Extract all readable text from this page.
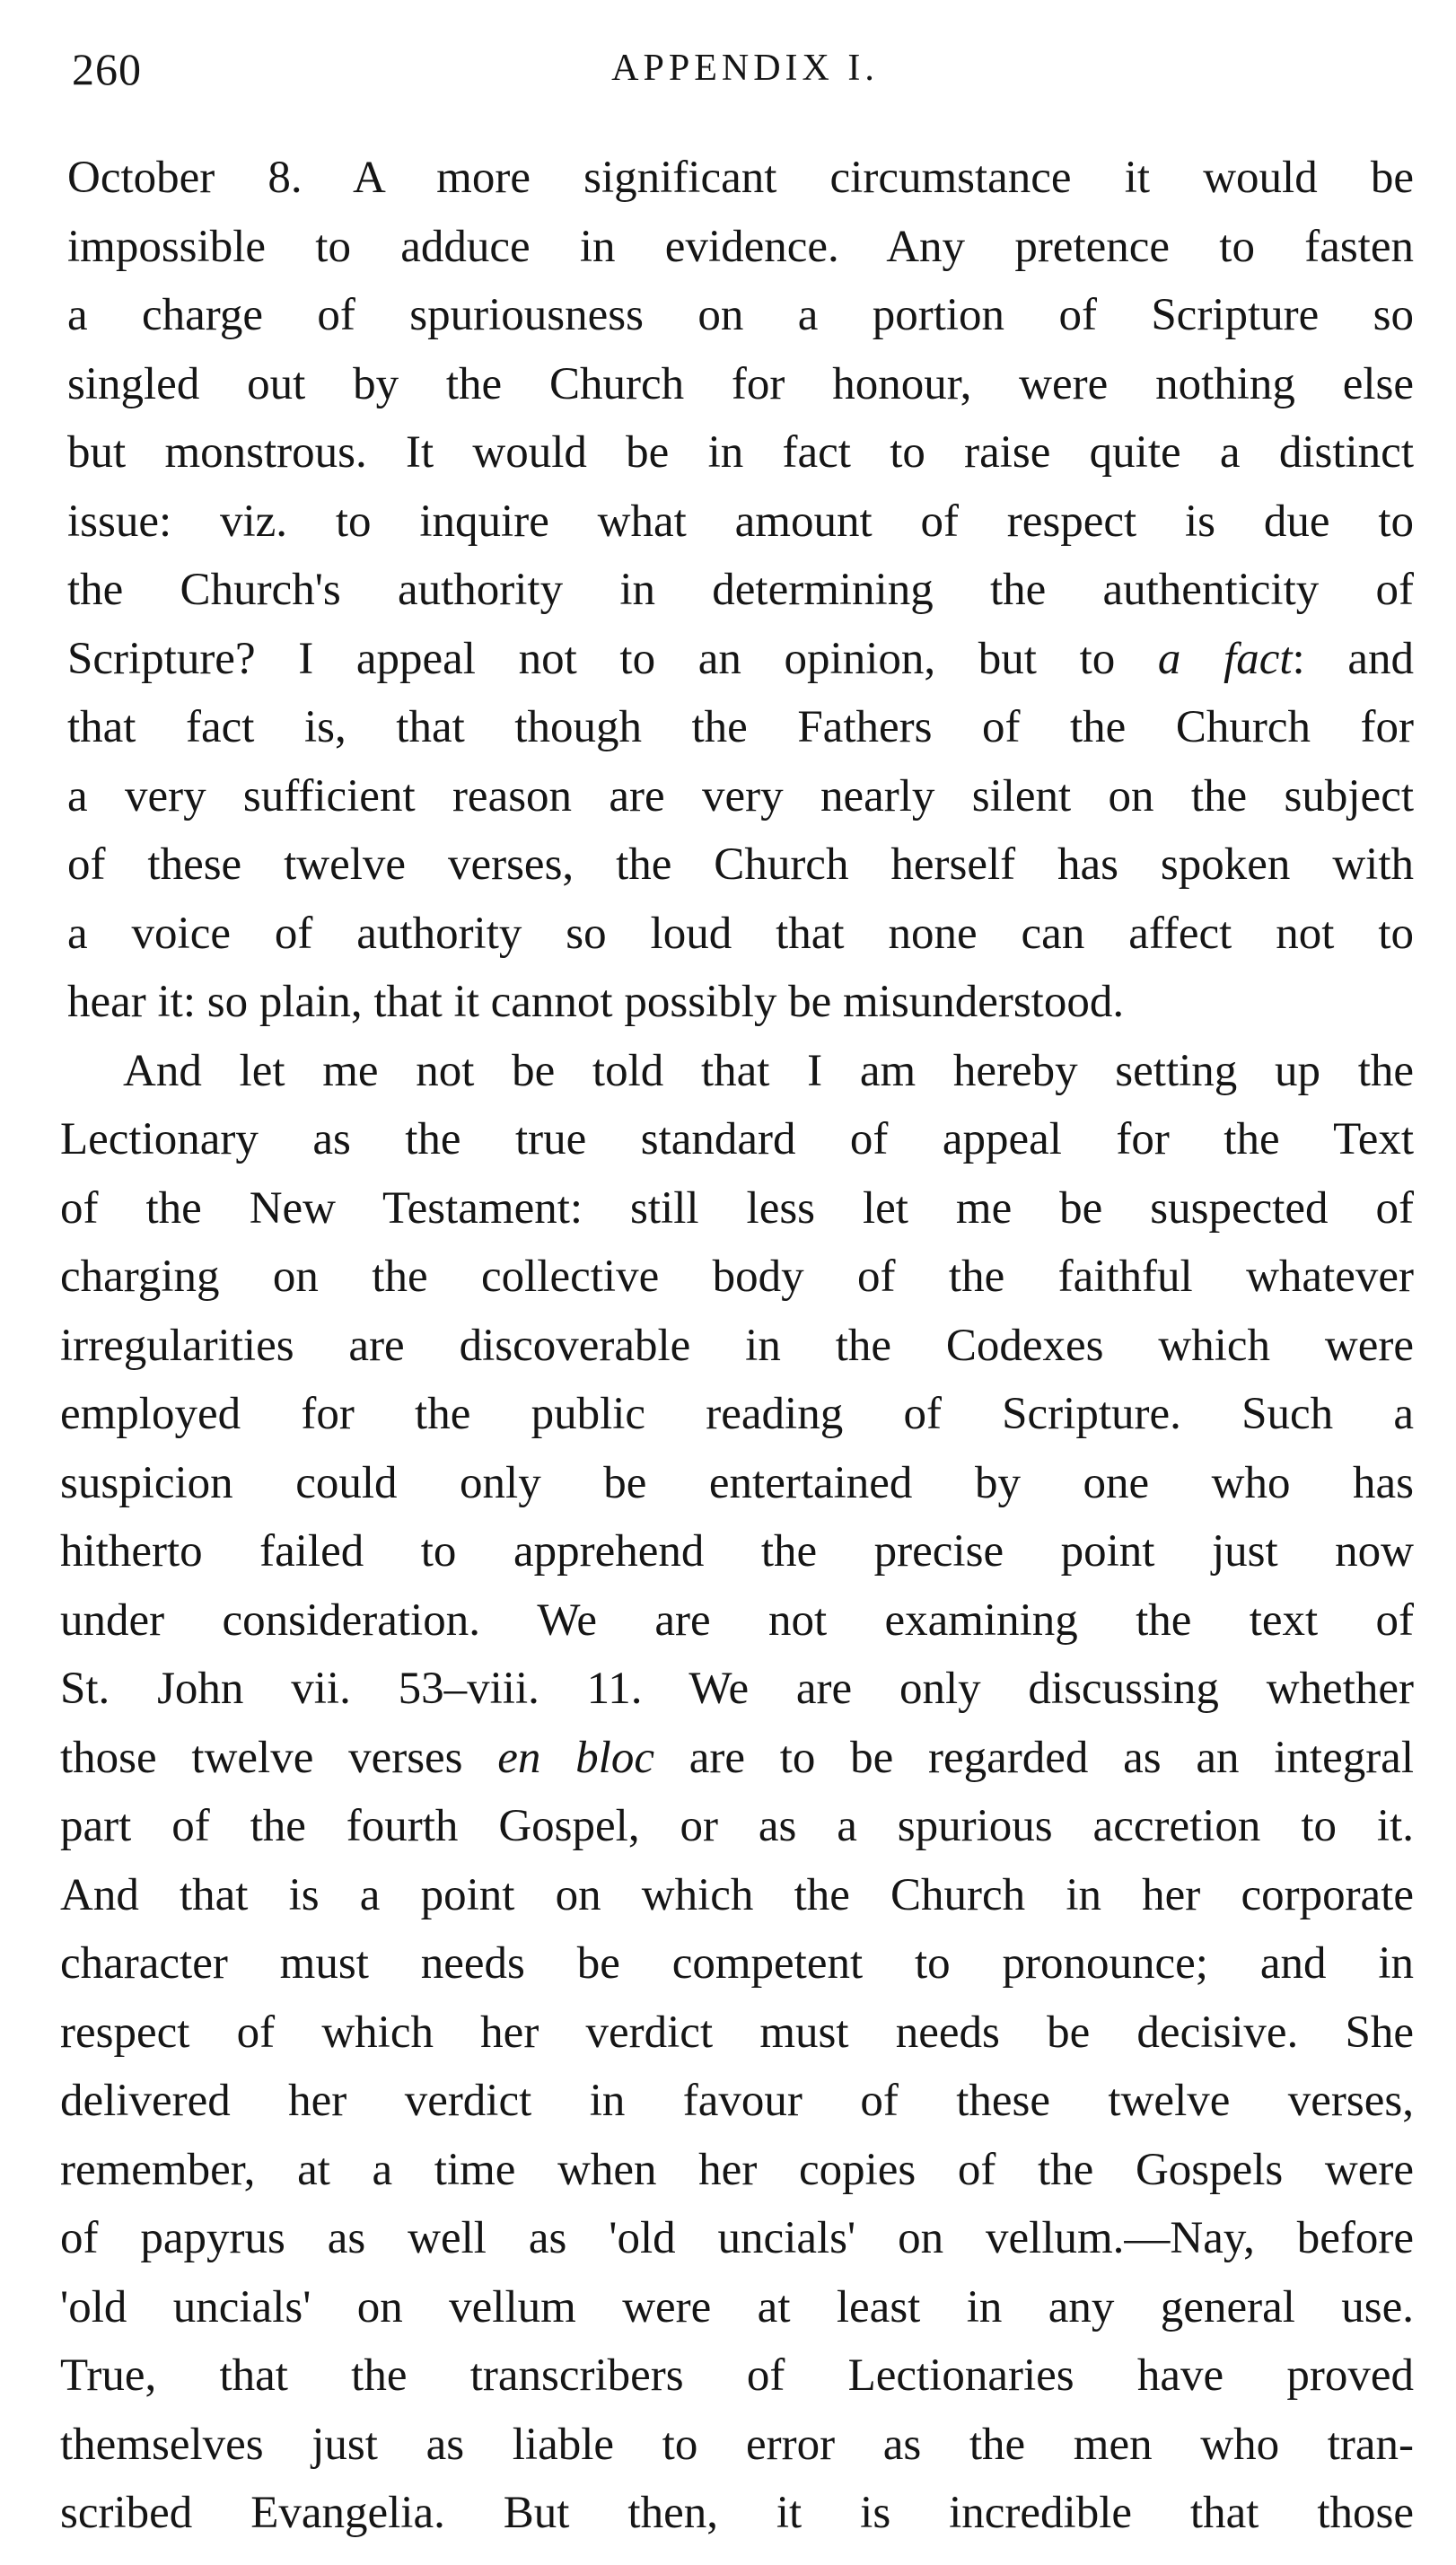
260	APPENDIX I.
October 8. A more significant circumstance it would be
impossible to adduce in evidence. Any pretence to fasten
a charge of spuriousness on a portion of Scripture so
singled out by the Church for honour, were nothing else
but monstrous. It would be in fact to raise quite a distinct
issue: viz. to inquire what amount of respect is due to
the Church's authority in determining the authenticity of
Scripture? I appeal not to an opinion, but to a fact: and
that fact is, that though the Fathers of the Church for
a very sufficient reason are very nearly silent on the subject
of these twelve verses, the Church herself has spoken with
a voice of authority so loud that none can affect not to
hear it: so plain, that it cannot possibly be misunderstood.
And let me not be told that I am hereby setting up the
Lectionary as the true standard of appeal for the Text
of the New Testament: still less let me be suspected of
charging on the collective body of the faithful whatever
irregularities are discoverable in the Codexes which were
employed for the public reading of Scripture. Such a
suspicion could only be entertained by one who has
hitherto failed to apprehend the precise point just now
under consideration. We are not examining the text of
St. John vii. 53–viii. 11. We are only discussing whether
those twelve verses en bloc are to be regarded as an integral
part of the fourth Gospel, or as a spurious accretion to it.
And that is a point on which the Church in her corporate
character must needs be competent to pronounce; and in
respect of which her verdict must needs be decisive. She
delivered her verdict in favour of these twelve verses,
remember, at a time when her copies of the Gospels were
of papyrus as well as 'old uncials' on vellum.—Nay, before
'old uncials' on vellum were at least in any general use.
True, that the transcribers of Lectionaries have proved
themselves just as liable to error as the men who tran-
scribed Evangelia. But then, it is incredible that those
